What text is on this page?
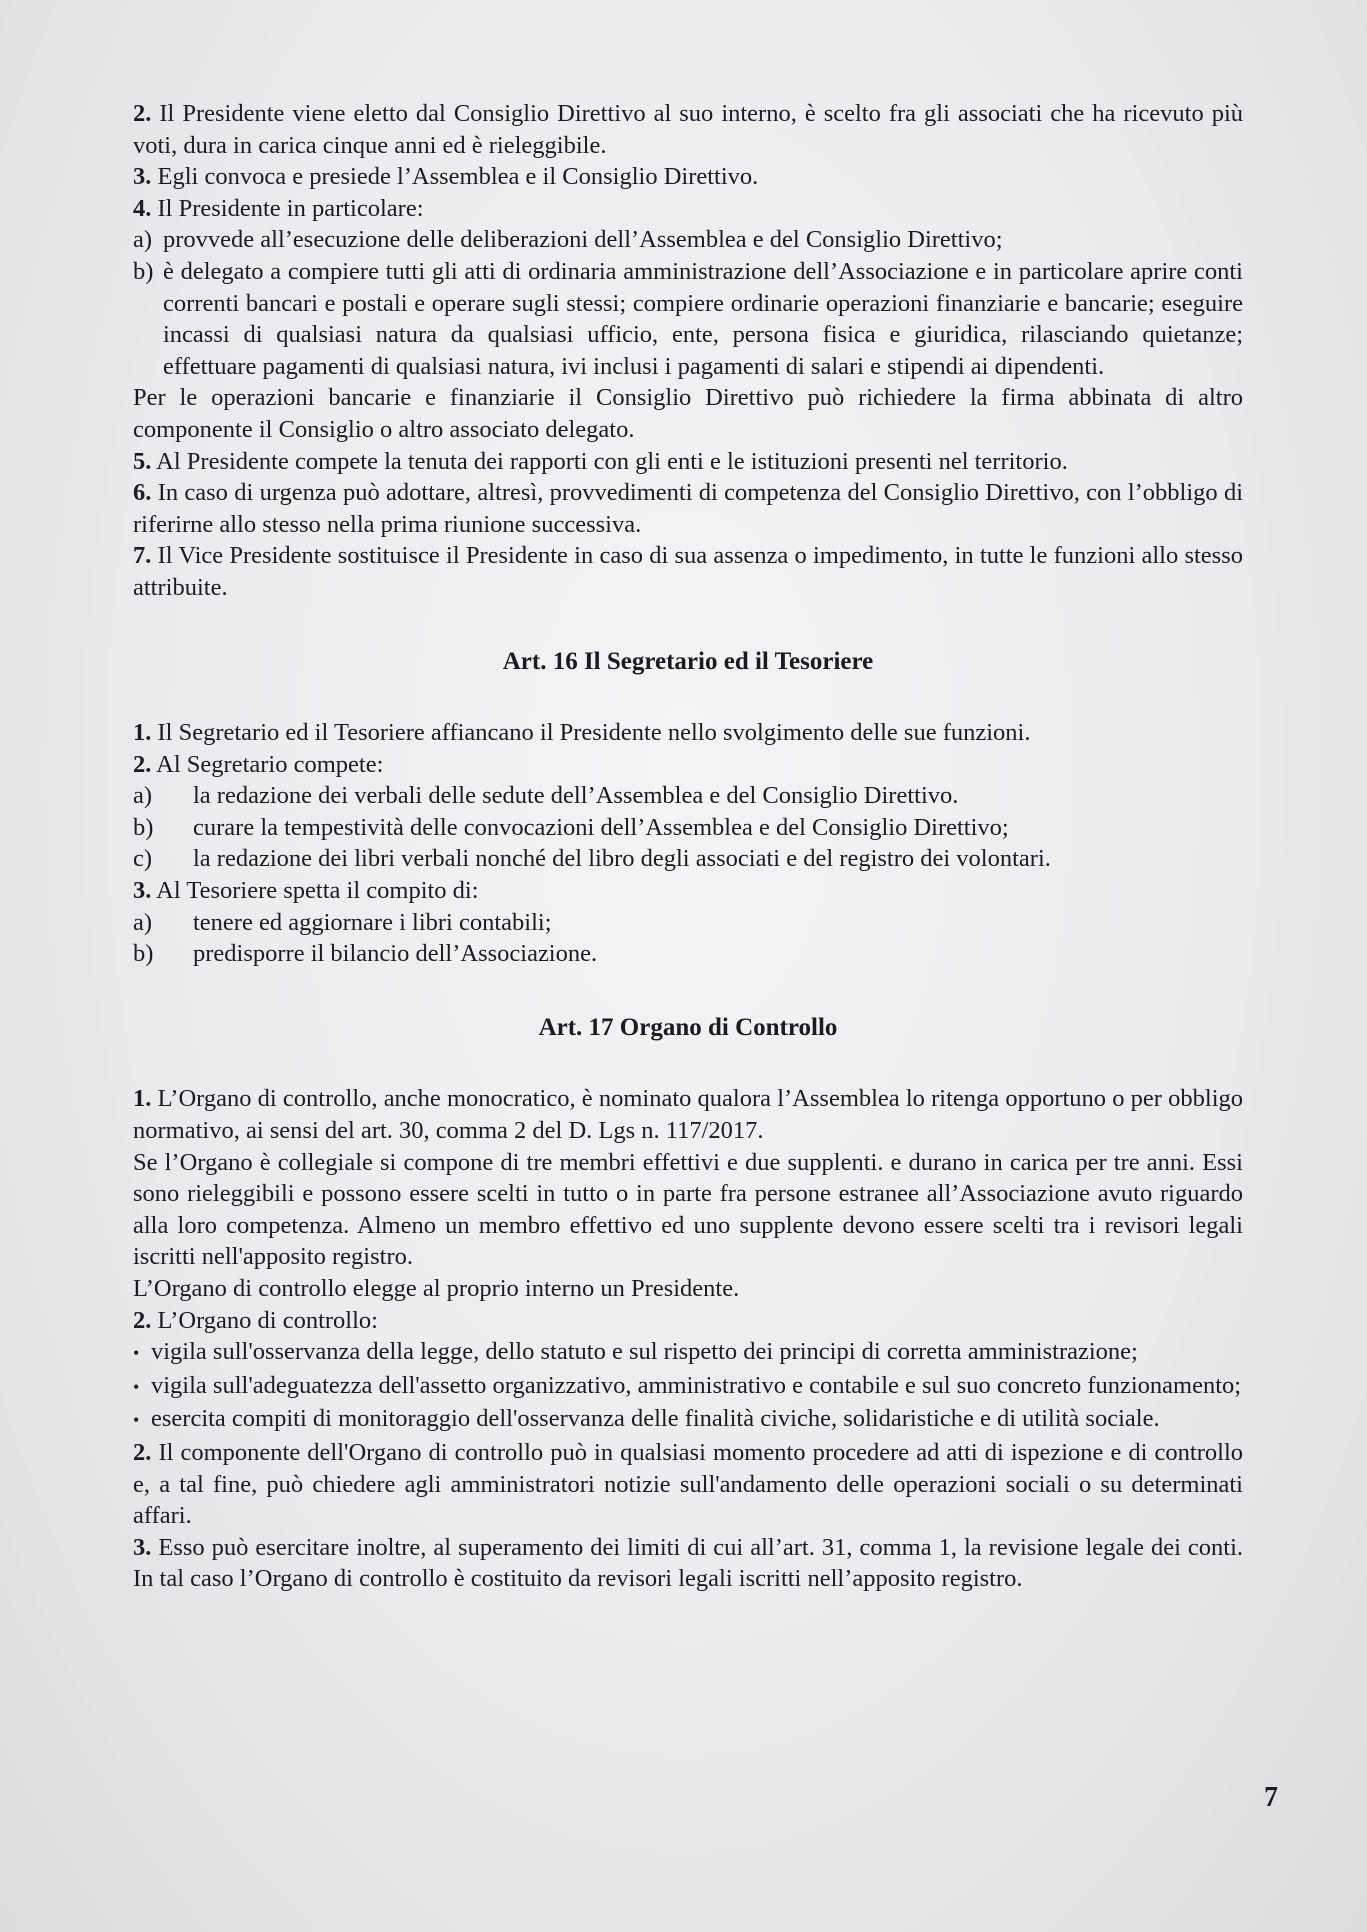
2. Il Presidente viene eletto dal Consiglio Direttivo al suo interno, è scelto fra gli associati che ha ricevuto più voti, dura in carica cinque anni ed è rieleggibile.

3. Egli convoca e presiede l’Assemblea e il Consiglio Direttivo.

4. Il Presidente in particolare:

a) provvede all’esecuzione delle deliberazioni dell’Assemblea e del Consiglio Direttivo;
b) è delegato a compiere tutti gli atti di ordinaria amministrazione dell’Associazione e in particolare aprire conti correnti bancari e postali e operare sugli stessi; compiere ordinarie operazioni finanziarie e bancarie; eseguire incassi di qualsiasi natura da qualsiasi ufficio, ente, persona fisica e giuridica, rilasciando quietanze; effettuare pagamenti di qualsiasi natura, ivi inclusi i pagamenti di salari e stipendi ai dipendenti.

Per le operazioni bancarie e finanziarie il Consiglio Direttivo può richiedere la firma abbinata di altro componente il Consiglio o altro associato delegato.

5. Al Presidente compete la tenuta dei rapporti con gli enti e le istituzioni presenti nel territorio.

6. In caso di urgenza può adottare, altresì, provvedimenti di competenza del Consiglio Direttivo, con l’obbligo di riferirne allo stesso nella prima riunione successiva.

7. Il Vice Presidente sostituisce il Presidente in caso di sua assenza o impedimento, in tutte le funzioni allo stesso attribuite.

Art. 16 Il Segretario ed il Tesoriere

1. Il Segretario ed il Tesoriere affiancano il Presidente nello svolgimento delle sue funzioni.

2. Al Segretario compete:

a)	la redazione dei verbali delle sedute dell’Assemblea e del Consiglio Direttivo.
b)	curare la tempestività delle convocazioni dell’Assemblea e del Consiglio Direttivo;
c)	la redazione dei libri verbali nonché del libro degli associati e del registro dei volontari.

3. Al Tesoriere spetta il compito di:

a)	tenere ed aggiornare i libri contabili;
b)	predisporre il bilancio dell’Associazione.
Art. 17 Organo di Controllo

1. L’Organo di controllo, anche monocratico, è nominato qualora l’Assemblea lo ritenga opportuno o per obbligo normativo, ai sensi del art. 30, comma 2 del D. Lgs n. 117/2017.

Se l’Organo è collegiale si compone di tre membri effettivi e due supplenti. e durano in carica per tre anni. Essi sono rieleggibili e possono essere scelti in tutto o in parte fra persone estranee all’Associazione avuto riguardo alla loro competenza. Almeno un membro effettivo ed uno supplente devono essere scelti tra i revisori legali iscritti nell'apposito registro.

L’Organo di controllo elegge al proprio interno un Presidente.

2. L’Organo di controllo:

• vigila sull'osservanza della legge, dello statuto e sul rispetto dei principi di corretta amministrazione;
• vigila sull'adeguatezza dell'assetto organizzativo, amministrativo e contabile e sul suo concreto funzionamento;
• esercita compiti di monitoraggio dell'osservanza delle finalità civiche, solidaristiche e di utilità sociale.

2. Il componente dell'Organo di controllo può in qualsiasi momento procedere ad atti di ispezione e di controllo e, a tal fine, può chiedere agli amministratori notizie sull'andamento delle operazioni sociali o su determinati affari.

3. Esso può esercitare inoltre, al superamento dei limiti di cui all’art. 31, comma 1, la revisione legale dei conti. In tal caso l’Organo di controllo è costituito da revisori legali iscritti nell’apposito registro.

7
